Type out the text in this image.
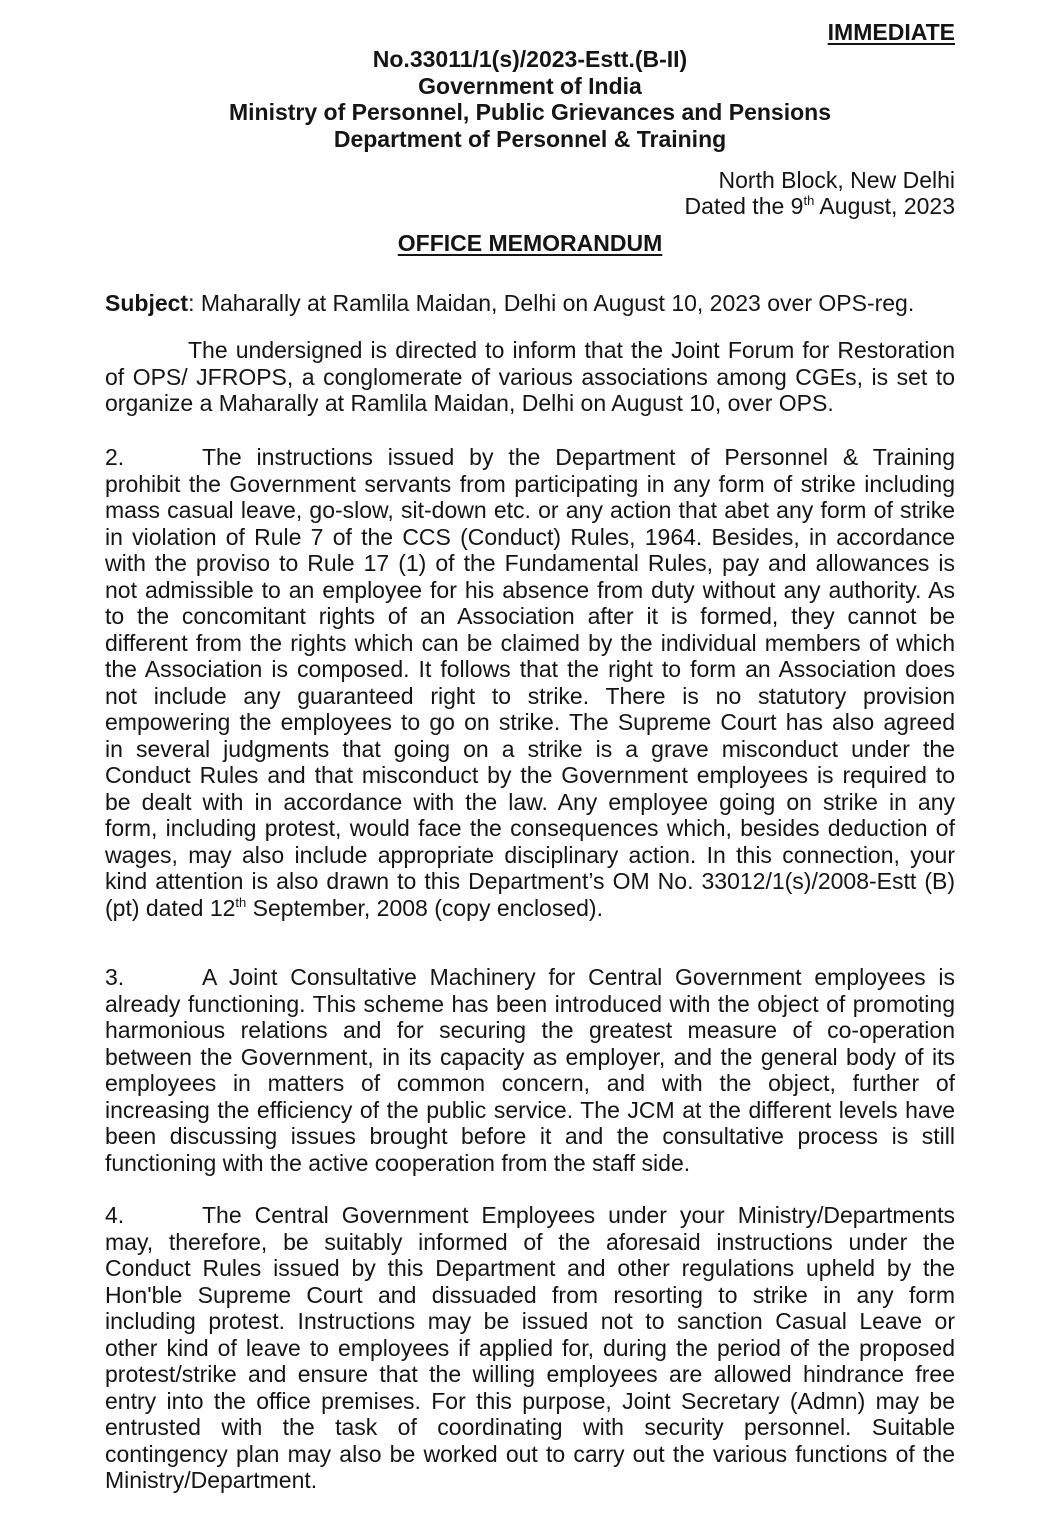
IMMEDIATE
No.33011/1(s)/2023-Estt.(B-II)
Government of India
Ministry of Personnel, Public Grievances and Pensions
Department of Personnel & Training
North Block, New Delhi
Dated the 9th August, 2023
OFFICE MEMORANDUM
Subject: Maharally at Ramlila Maidan, Delhi on August 10, 2023 over OPS-reg.
The undersigned is directed to inform that the Joint Forum for Restoration
of OPS/ JFROPS, a conglomerate of various associations among CGEs, is set to
organize a Maharally at Ramlila Maidan, Delhi on August 10, over OPS.
2.	The instructions issued by the Department of Personnel & Training
prohibit the Government servants from participating in any form of strike including
mass casual leave, go-slow, sit-down etc. or any action that abet any form of strike
in violation of Rule 7 of the CCS (Conduct) Rules, 1964. Besides, in accordance
with the proviso to Rule 17 (1) of the Fundamental Rules, pay and allowances is
not admissible to an employee for his absence from duty without any authority. As
to the concomitant rights of an Association after it is formed, they cannot be
different from the rights which can be claimed by the individual members of which
the Association is composed. It follows that the right to form an Association does
not include any guaranteed right to strike. There is no statutory provision
empowering the employees to go on strike. The Supreme Court has also agreed
in several judgments that going on a strike is a grave misconduct under the
Conduct Rules and that misconduct by the Government employees is required to
be dealt with in accordance with the law. Any employee going on strike in any
form, including protest, would face the consequences which, besides deduction of
wages, may also include appropriate disciplinary action. In this connection, your
kind attention is also drawn to this Department’s OM No. 33012/1(s)/2008-Estt (B)
(pt) dated 12th September, 2008 (copy enclosed).
3.	A Joint Consultative Machinery for Central Government employees is
already functioning. This scheme has been introduced with the object of promoting
harmonious relations and for securing the greatest measure of co-operation
between the Government, in its capacity as employer, and the general body of its
employees in matters of common concern, and with the object, further of
increasing the efficiency of the public service. The JCM at the different levels have
been discussing issues brought before it and the consultative process is still
functioning with the active cooperation from the staff side.
4.	The Central Government Employees under your Ministry/Departments
may, therefore, be suitably informed of the aforesaid instructions under the
Conduct Rules issued by this Department and other regulations upheld by the
Hon'ble Supreme Court and dissuaded from resorting to strike in any form
including protest. Instructions may be issued not to sanction Casual Leave or
other kind of leave to employees if applied for, during the period of the proposed
protest/strike and ensure that the willing employees are allowed hindrance free
entry into the office premises. For this purpose, Joint Secretary (Admn) may be
entrusted with the task of coordinating with security personnel. Suitable
contingency plan may also be worked out to carry out the various functions of the
Ministry/Department.
